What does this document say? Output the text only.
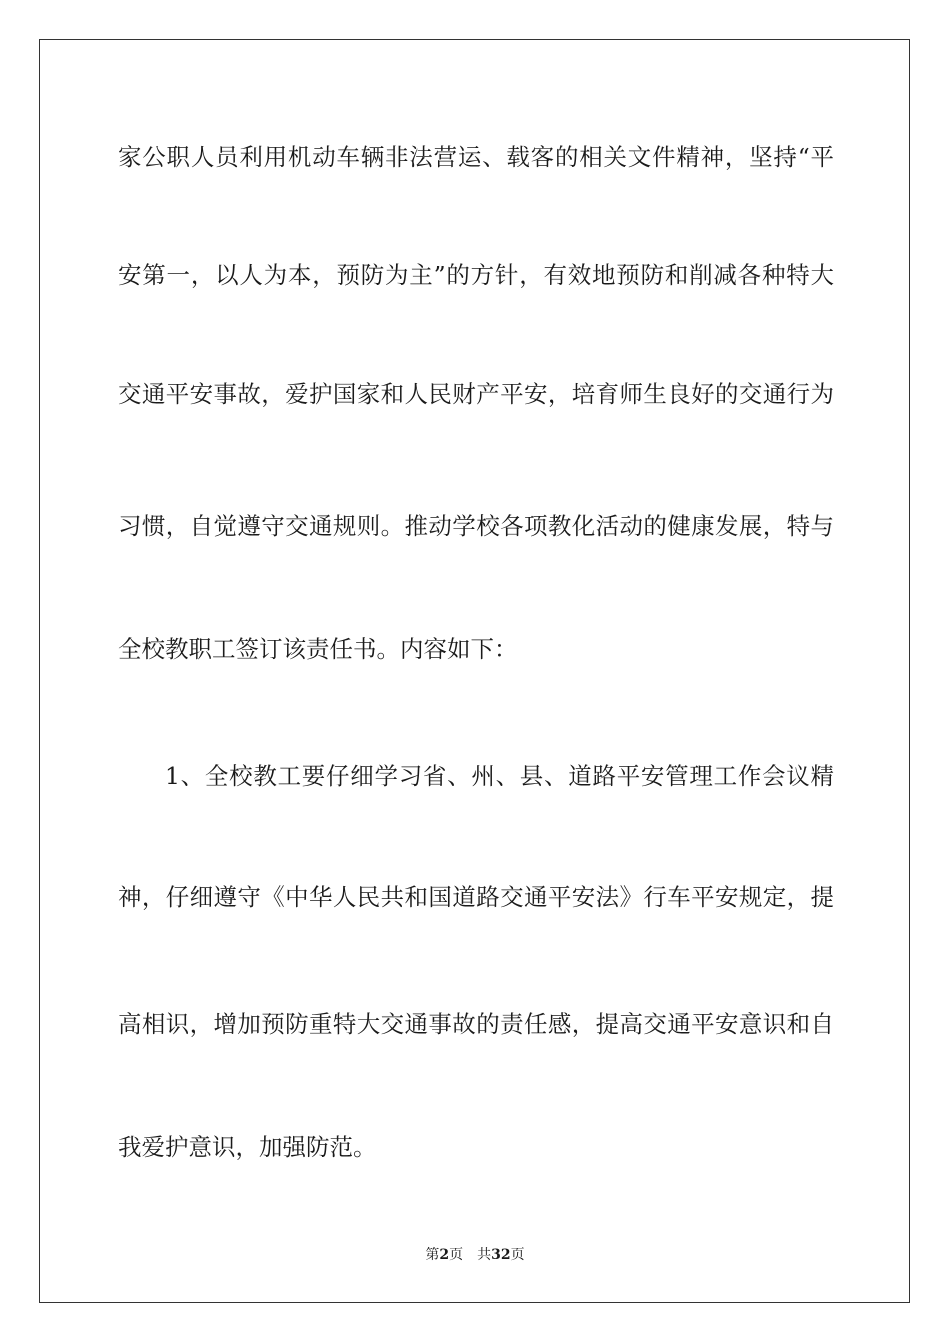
家公职人员利用机动车辆非法营运、载客的相关文件精神，坚持“平
安第一，以人为本，预防为主”的方针，有效地预防和削减各种特大
交通平安事故，爱护国家和人民财产平安，培育师生良好的交通行为
习惯，自觉遵守交通规则。推动学校各项教化活动的健康发展，特与
全校教职工签订该责任书。内容如下：
1、全校教工要仔细学习省、州、县、道路平安管理工作会议精
神，仔细遵守《中华人民共和国道路交通平安法》行车平安规定，提
高相识，增加预防重特大交通事故的责任感，提高交通平安意识和自
我爱护意识，加强防范。
第2页 共32页
